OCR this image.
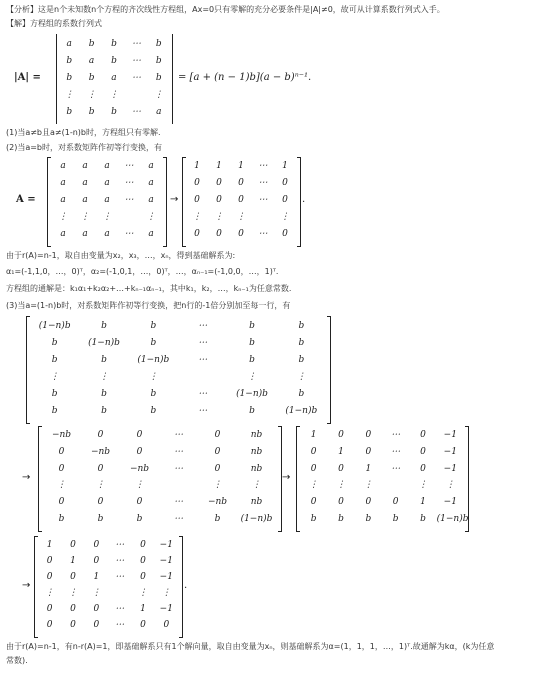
【分析】这是n个未知数n个方程的齐次线性方程组，Ax=0只有零解的充分必要条件是|A|≠0，故可从计算系数行列式入手。
【解】方程组的系数行列式
|A| =
a	b	b	⋯	b
b	a	b	⋯	b
b	b	a	⋯	b
⋮	⋮	⋮	⋮
b	b	b	⋯	a
= [a + (n − 1)b](a − b)ⁿ⁻¹.
(1)当a≠b且a≠(1-n)b时，方程组只有零解.
(2)当a=b时，对系数矩阵作初等行变换，有
A =
a	a	a	⋯	a
a	a	a	⋯	a
a	a	a	⋯	a
⋮	⋮	⋮	⋮
a	a	a	⋯	a
→
1	1	1	⋯	1
0	0	0	⋯	0
0	0	0	⋯	0
⋮	⋮	⋮	⋮
0	0	0	⋯	0
.
由于r(A)=n-1，取自由变量为x₂，x₃，…，xₙ，得到基础解系为:
α₁=(-1,1,0，…，0)ᵀ，α₂=(-1,0,1，…，0)ᵀ，…，αₙ₋₁=(-1,0,0，…，1)ᵀ.
方程组的通解是：k₁α₁+k₂α₂+…+kₙ₋₁αₙ₋₁，其中k₁，k₂，…，kₙ₋₁为任意常数.
(3)当a=(1-n)b时，对系数矩阵作初等行变换，把n行的-1倍分别加至每一行，有
(1−n)b	b	b	⋯	b	b
b	(1−n)b	b	⋯	b	b
b	b	(1−n)b	⋯	b	b
⋮	⋮	⋮	⋮	⋮
b	b	b	⋯	(1−n)b	b
b	b	b	⋯	b	(1−n)b
→
−nb	0	0	⋯	0	nb
0	−nb	0	⋯	0	nb
0	0	−nb	⋯	0	nb
⋮	⋮	⋮	⋮	⋮
0	0	0	⋯	−nb	nb
b	b	b	⋯	b	(1−n)b
→
1	0	0	⋯	0	−1
0	1	0	⋯	0	−1
0	0	1	⋯	0	−1
⋮	⋮	⋮	⋮	⋮
0	0	0	0	1	−1
b	b	b	b	b	(1−n)b
→
1	0	0	⋯	0	−1
0	1	0	⋯	0	−1
0	0	1	⋯	0	−1
⋮	⋮	⋮	⋮	⋮
0	0	0	⋯	1	−1
0	0	0	⋯	0	0
.
由于r(A)=n-1，有n-r(A)=1，即基础解系只有1个解向量，取自由变量为xₙ，则基础解系为α=(1，1，1，…，1)ᵀ.故通解为kα，(k为任意
常数).
